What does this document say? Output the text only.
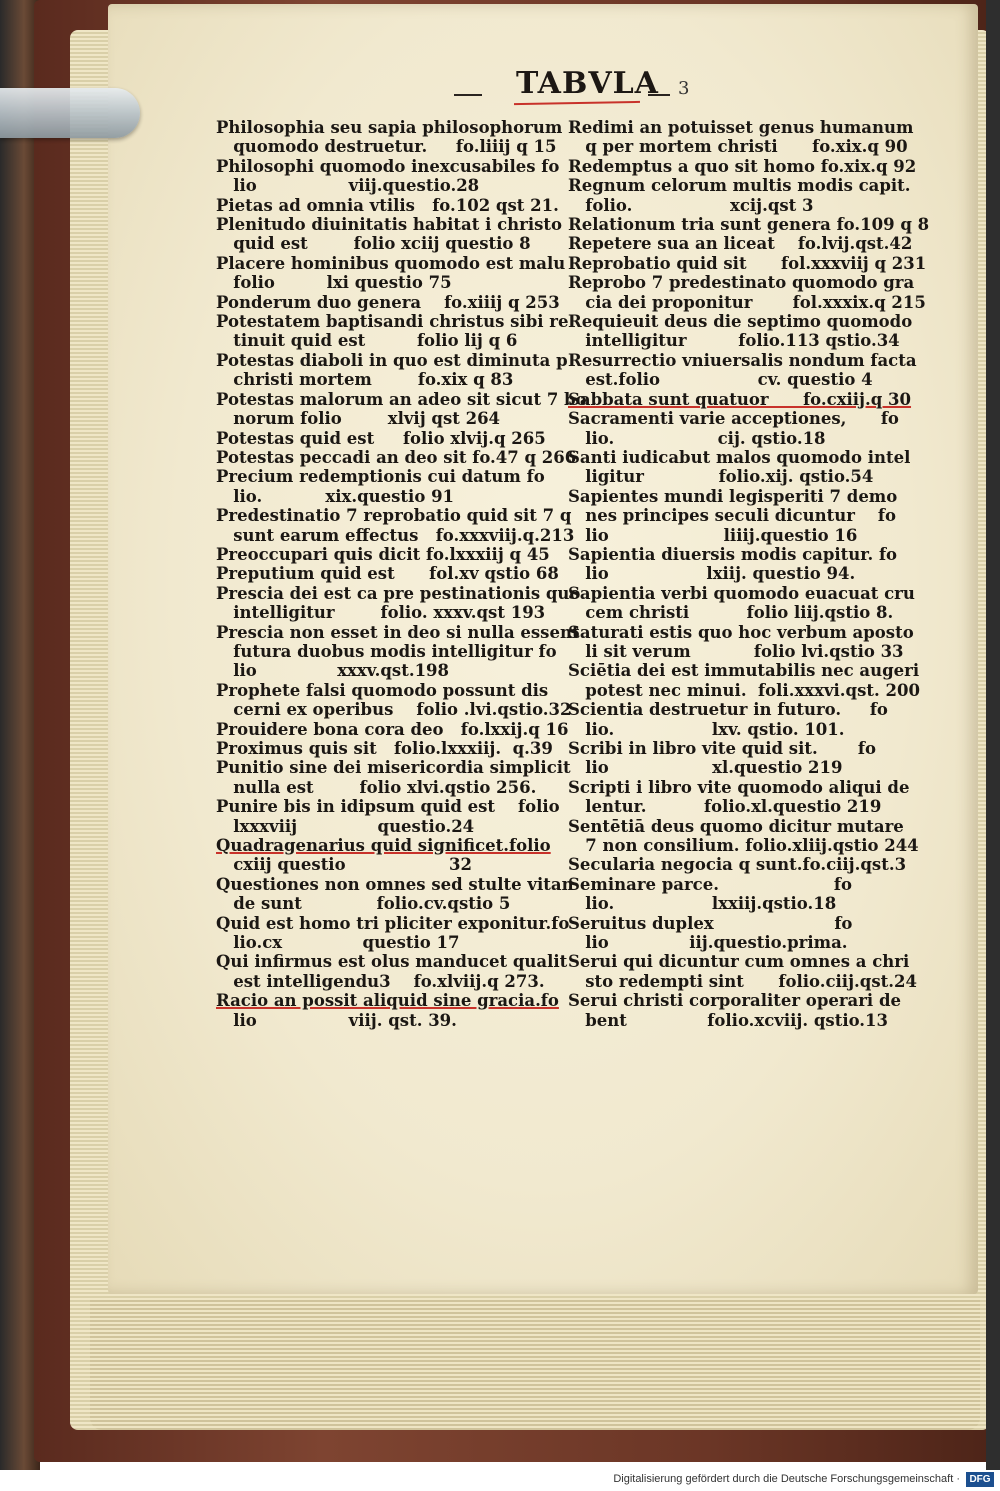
TABVLA 3
Philosophia seu sapia philosophorum
quomodo destruetur.     fo.liiij q 15
Philosophi quomodo inexcusabiles fo
lio                viij.questio.28
Pietas ad omnia vtilis   fo.102 qst 21.
Plenitudo diuinitatis habitat i christo
quid est        folio xciij questio 8
Placere hominibus quomodo est malu
folio         lxi questio 75
Ponderum duo genera    fo.xiiij q 253
Potestatem baptisandi christus sibi re
tinuit quid est         folio lij q 6
Potestas diaboli in quo est diminuta p
christi mortem        fo.xix q 83
Potestas malorum an adeo sit sicut 7 bo
norum folio        xlvij qst 264
Potestas quid est     folio xlvij.q 265
Potestas peccadi an deo sit fo.47 q 266
Precium redemptionis cui datum fo
lio.           xix.questio 91
Predestinatio 7 reprobatio quid sit 7 q
sunt earum effectus   fo.xxxviij.q.213
Preoccupari quis dicit fo.lxxxiij q 45
Preputium quid est      fol.xv qstio 68
Prescia dei est ca pre pestinationis quo
intelligitur        folio. xxxv.qst 193
Prescia non esset in deo si nulla essent
futura duobus modis intelligitur fo
lio              xxxv.qst.198
Prophete falsi quomodo possunt dis
cerni ex operibus    folio .lvi.qstio.32
Prouidere bona cora deo   fo.lxxij.q 16
Proximus quis sit   folio.lxxxiij.  q.39
Punitio sine dei misericordia simplicit
nulla est        folio xlvi.qstio 256.
Punire bis in idipsum quid est    folio
lxxxviij              questio.24
Quadragenarius quid significet.folio
cxiij questio                  32
Questiones non omnes sed stulte vitan
de sunt             folio.cv.qstio 5
Quid est homo tri pliciter exponitur.fo
lio.cx              questio 17
Qui infirmus est olus manducet qualit
est intelligendu3    fo.xlviij.q 273.
Racio an possit aliquid sine gracia.fo
lio                viij. qst. 39.
Redimi an potuisset genus humanum
q per mortem christi      fo.xix.q 90
Redemptus a quo sit homo fo.xix.q 92
Regnum celorum multis modis capit.
folio.                 xcij.qst 3
Relationum tria sunt genera fo.109 q 8
Repetere sua an liceat    fo.lvij.qst.42
Reprobatio quid sit      fol.xxxviij q 231
Reprobo 7 predestinato quomodo gra
cia dei proponitur       fol.xxxix.q 215
Requieuit deus die septimo quomodo
intelligitur         folio.113 qstio.34
Resurrectio vniuersalis nondum facta
est.folio                 cv. questio 4
Sabbata sunt quatuor      fo.cxiij.q 30
Sacramenti varie acceptiones,      fo
lio.                  cij. qstio.18
Santi iudicabut malos quomodo intel
ligitur             folio.xij. qstio.54
Sapientes mundi legisperiti 7 demo
nes principes seculi dicuntur    fo
lio                    liiij.questio 16
Sapientia diuersis modis capitur. fo
lio                 lxiij. questio 94.
Sapientia verbi quomodo euacuat cru
cem christi          folio liij.qstio 8.
Saturati estis quo hoc verbum aposto
li sit verum           folio lvi.qstio 33
Sciētia dei est immutabilis nec augeri
potest nec minui.  foli.xxxvi.qst. 200
Scientia destruetur in futuro.     fo
lio.                 lxv. qstio. 101.
Scribi in libro vite quid sit.       fo
lio                  xl.questio 219
Scripti i libro vite quomodo aliqui de
lentur.          folio.xl.questio 219
Sentētiā deus quomo dicitur mutare
7 non consilium. folio.xliij.qstio 244
Secularia negocia q sunt.fo.ciij.qst.3
Seminare parce.                    fo
lio.                 lxxiij.qstio.18
Seruitus duplex                     fo
lio              iij.questio.prima.
Serui qui dicuntur cum omnes a chri
sto redempti sint      folio.ciij.qst.24
Serui christi corporaliter operari de
bent              folio.xcviij. qstio.13
Digitalisierung gefördert durch die Deutsche Forschungsgemeinschaft · DFG
